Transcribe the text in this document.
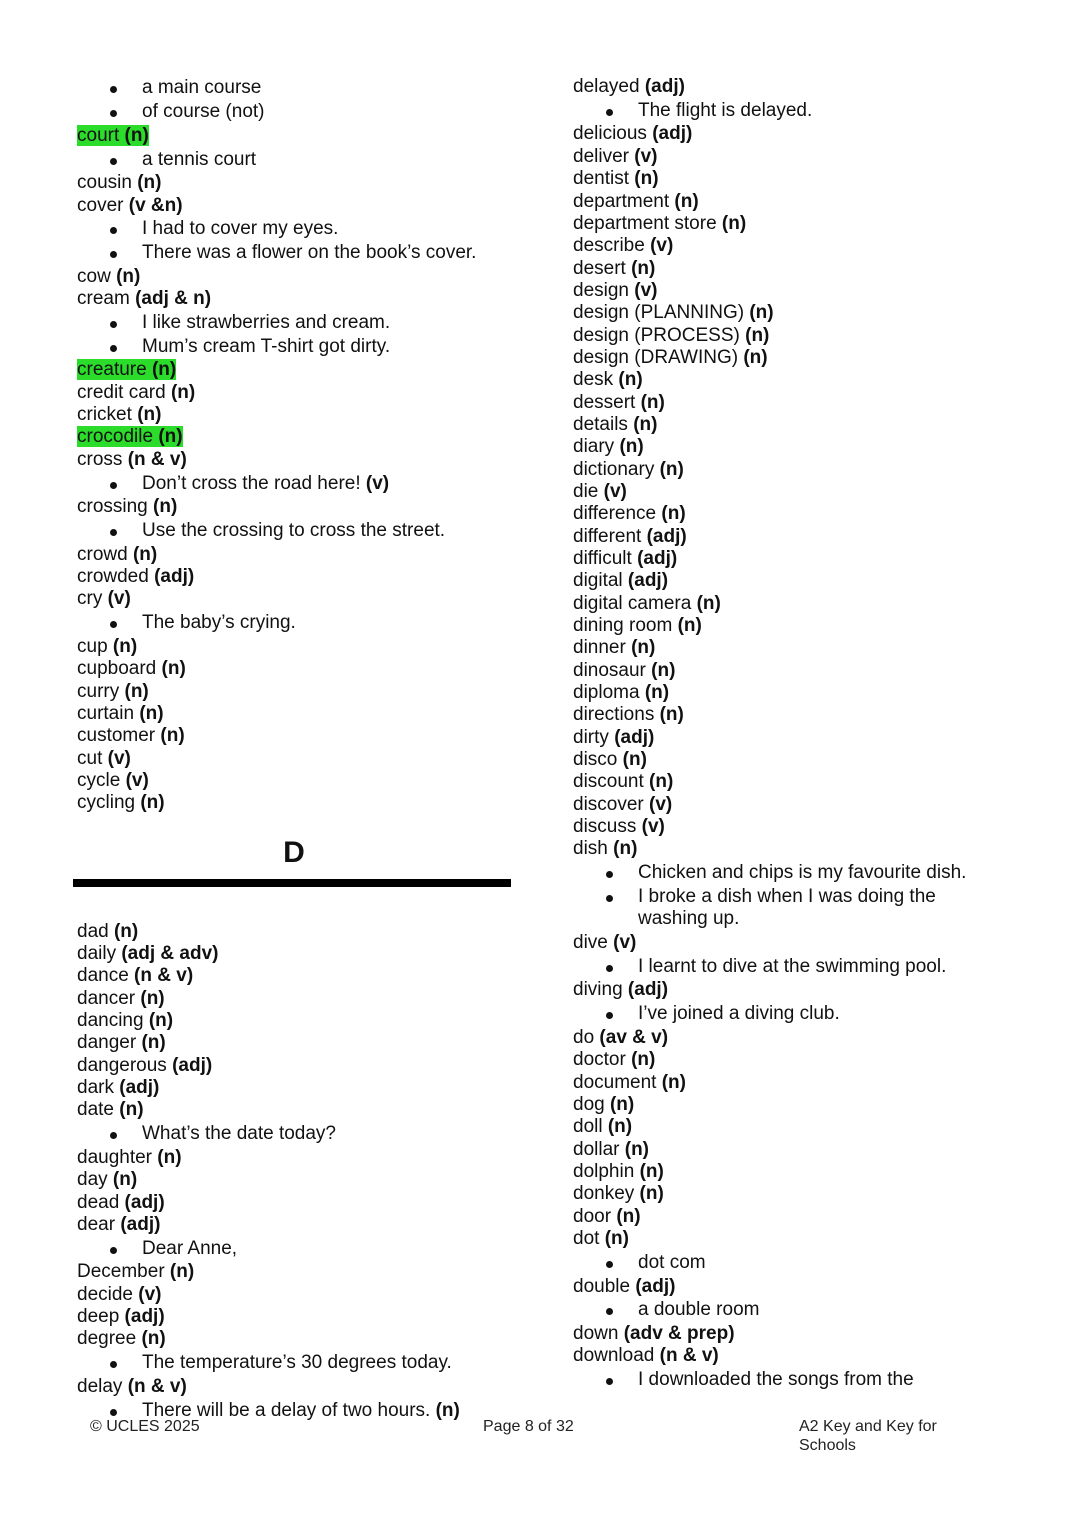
a main course
of course (not)
court (n)
a tennis court
cousin (n)
cover (v &n)
I had to cover my eyes.
There was a flower on the book’s cover.
cow (n)
cream (adj & n)
I like strawberries and cream.
Mum’s cream T-shirt got dirty.
creature (n)
credit card (n)
cricket (n)
crocodile (n)
cross (n & v)
Don’t cross the road here! (v)
crossing (n)
Use the crossing to cross the street.
crowd (n)
crowded (adj)
cry (v)
The baby’s crying.
cup (n)
cupboard (n)
curry (n)
curtain (n)
customer (n)
cut (v)
cycle (v)
cycling (n)
D
dad (n)
daily (adj & adv)
dance (n & v)
dancer (n)
dancing (n)
danger (n)
dangerous (adj)
dark (adj)
date (n)
What’s the date today?
daughter (n)
day (n)
dead (adj)
dear (adj)
Dear Anne,
December (n)
decide (v)
deep (adj)
degree (n)
The temperature’s 30 degrees today.
delay (n & v)
There will be a delay of two hours. (n)
delayed (adj)
The flight is delayed.
delicious (adj)
deliver (v)
dentist (n)
department (n)
department store (n)
describe (v)
desert (n)
design (v)
design (PLANNING) (n)
design (PROCESS) (n)
design (DRAWING) (n)
desk (n)
dessert (n)
details (n)
diary (n)
dictionary (n)
die (v)
difference (n)
different (adj)
difficult (adj)
digital (adj)
digital camera (n)
dining room (n)
dinner (n)
dinosaur (n)
diploma (n)
directions (n)
dirty (adj)
disco (n)
discount (n)
discover (v)
discuss (v)
dish (n)
Chicken and chips is my favourite dish.
I broke a dish when I was doing the
washing up.
dive (v)
I learnt to dive at the swimming pool.
diving (adj)
I’ve joined a diving club.
do (av & v)
doctor (n)
document (n)
dog (n)
doll (n)
dollar (n)
dolphin (n)
donkey (n)
door (n)
dot (n)
dot com
double (adj)
a double room
down (adv & prep)
download (n & v)
I downloaded the songs from the
© UCLES 2025	Page 8 of 32	A2 Key and Key for Schools
